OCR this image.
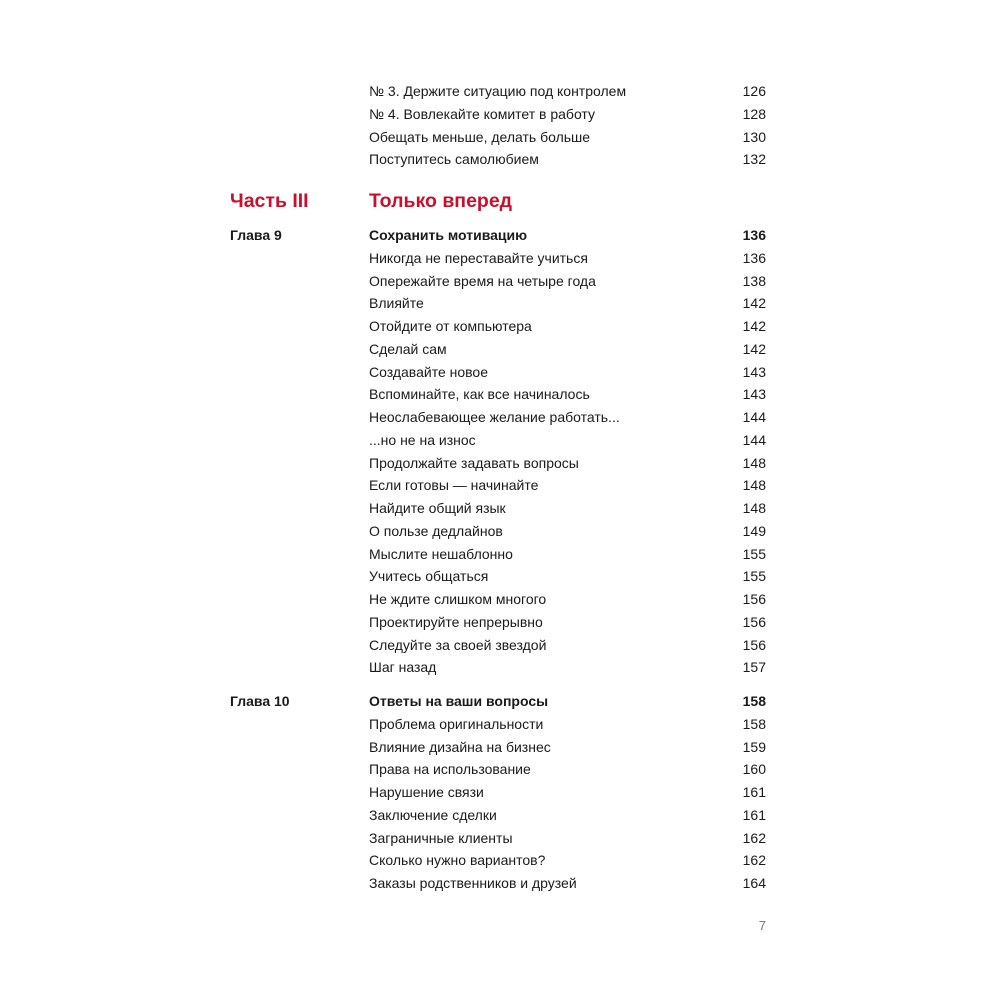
№ 3. Держите ситуацию под контролем	126
№ 4. Вовлекайте комитет в работу	128
Обещать меньше, делать больше	130
Поступитесь самолюбием	132
Часть III	Только вперед
Глава 9	Сохранить мотивацию	136
Никогда не переставайте учиться	136
Опережайте время на четыре года	138
Влияйте	142
Отойдите от компьютера	142
Сделай сам	142
Создавайте новое	143
Вспоминайте, как все начиналось	143
Неослабевающее желание работать...	144
...но не на износ	144
Продолжайте задавать вопросы	148
Если готовы — начинайте	148
Найдите общий язык	148
О пользе дедлайнов	149
Мыслите нешаблонно	155
Учитесь общаться	155
Не ждите слишком многого	156
Проектируйте непрерывно	156
Следуйте за своей звездой	156
Шаг назад	157
Глава 10	Ответы на ваши вопросы	158
Проблема оригинальности	158
Влияние дизайна на бизнес	159
Права на использование	160
Нарушение связи	161
Заключение сделки	161
Заграничные клиенты	162
Сколько нужно вариантов?	162
Заказы родственников и друзей	164
7
